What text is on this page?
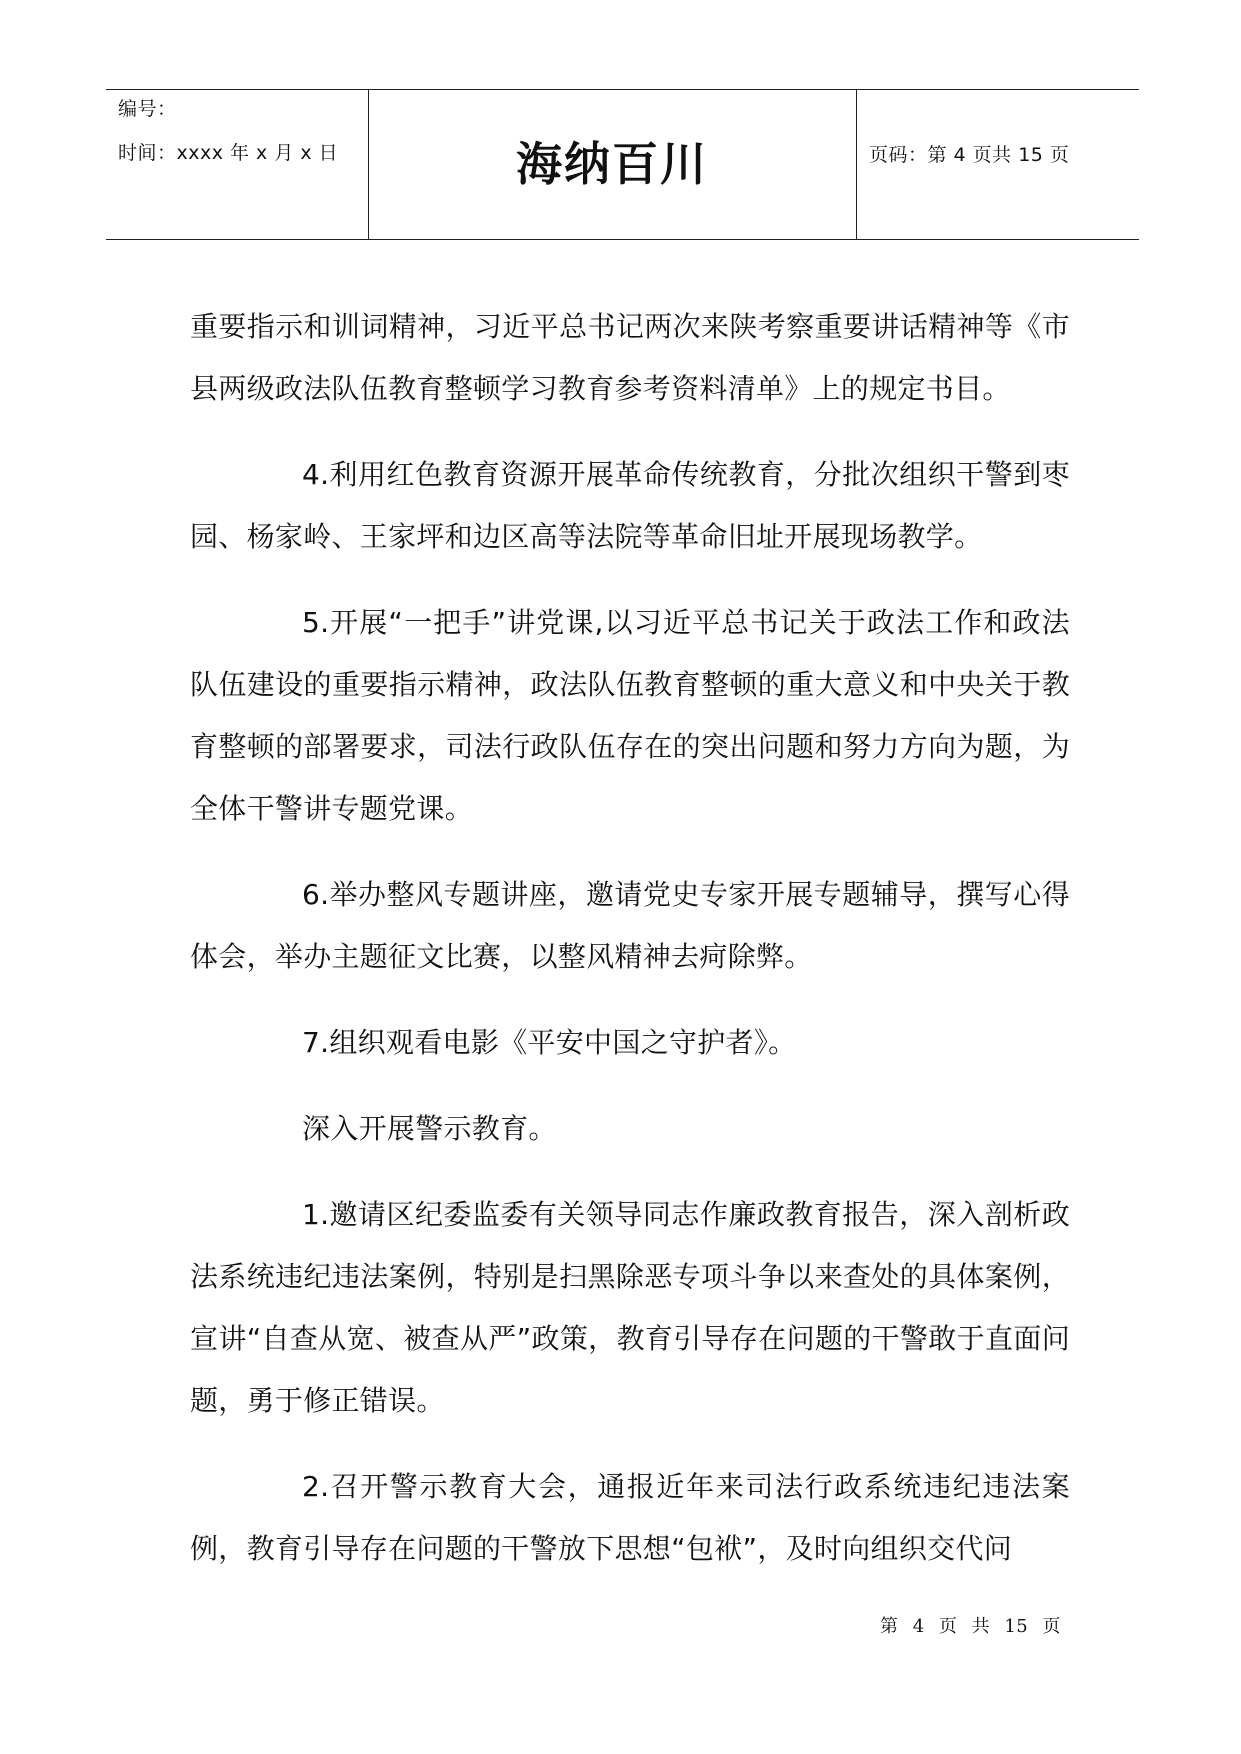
编号：
时间：xxxx 年 x 月 x 日	海纳百川	页码：第 4 页共 15 页

重要指示和训词精神，习近平总书记两次来陕考察重要讲话精神等《市县两级政法队伍教育整顿学习教育参考资料清单》上的规定书目。

4.利用红色教育资源开展革命传统教育，分批次组织干警到枣园、杨家岭、王家坪和边区高等法院等革命旧址开展现场教学。

5.开展“一把手”讲党课,以习近平总书记关于政法工作和政法队伍建设的重要指示精神，政法队伍教育整顿的重大意义和中央关于教育整顿的部署要求，司法行政队伍存在的突出问题和努力方向为题，为全体干警讲专题党课。

6.举办整风专题讲座，邀请党史专家开展专题辅导，撰写心得体会，举办主题征文比赛，以整风精神去疴除弊。

7.组织观看电影《平安中国之守护者》。

深入开展警示教育。

1.邀请区纪委监委有关领导同志作廉政教育报告，深入剖析政法系统违纪违法案例，特别是扫黑除恶专项斗争以来查处的具体案例，宣讲“自查从宽、被查从严”政策，教育引导存在问题的干警敢于直面问题，勇于修正错误。

2.召开警示教育大会，通报近年来司法行政系统违纪违法案例，教育引导存在问题的干警放下思想“包袱”，及时向组织交代问

第 4 页 共 15 页
